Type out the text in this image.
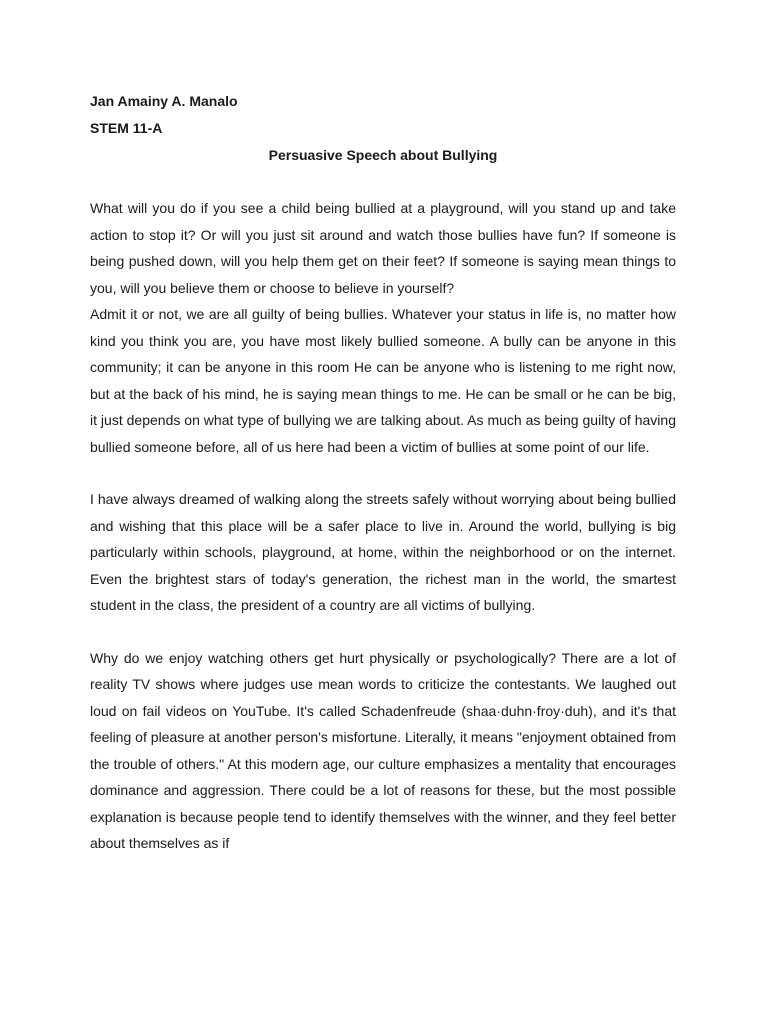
Jan Amainy A. Manalo

STEM 11-A

Persuasive Speech about Bullying

What will you do if you see a child being bullied at a playground, will you stand up and take action to stop it? Or will you just sit around and watch those bullies have fun? If someone is being pushed down, will you help them get on their feet? If someone is saying mean things to you, will you believe them or choose to believe in yourself?

Admit it or not, we are all guilty of being bullies. Whatever your status in life is, no matter how kind you think you are, you have most likely bullied someone. A bully can be anyone in this community; it can be anyone in this room He can be anyone who is listening to me right now, but at the back of his mind, he is saying mean things to me. He can be small or he can be big, it just depends on what type of bullying we are talking about. As much as being guilty of having bullied someone before, all of us here had been a victim of bullies at some point of our life.

I have always dreamed of walking along the streets safely without worrying about being bullied and wishing that this place will be a safer place to live in. Around the world, bullying is big particularly within schools, playground, at home, within the neighborhood or on the internet. Even the brightest stars of today's generation, the richest man in the world, the smartest student in the class, the president of a country are all victims of bullying.

Why do we enjoy watching others get hurt physically or psychologically? There are a lot of reality TV shows where judges use mean words to criticize the contestants. We laughed out loud on fail videos on YouTube. It's called Schadenfreude (shaa·duhn·froy·duh), and it's that feeling of pleasure at another person's misfortune. Literally, it means "enjoyment obtained from the trouble of others." At this modern age, our culture emphasizes a mentality that encourages dominance and aggression. There could be a lot of reasons for these, but the most possible explanation is because people tend to identify themselves with the winner, and they feel better about themselves as if
